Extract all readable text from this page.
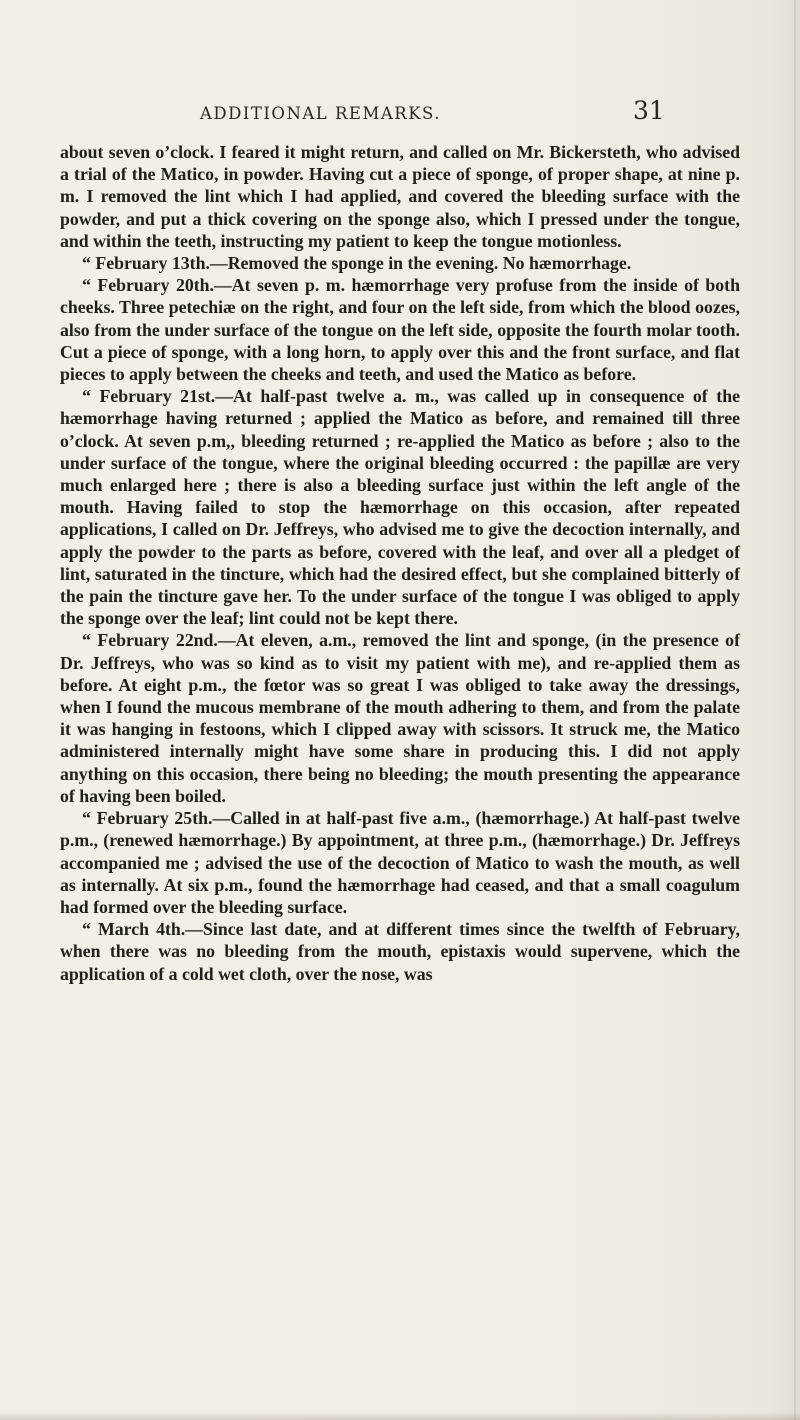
ADDITIONAL REMARKS.	31

about seven o’clock. I feared it might return, and called on Mr. Bickersteth, who advised a trial of the Matico, in powder. Having cut a piece of sponge, of proper shape, at nine p. m. I removed the lint which I had applied, and covered the bleeding surface with the powder, and put a thick covering on the sponge also, which I pressed under the tongue, and within the teeth, instructing my patient to keep the tongue motionless.

“ February 13th.—Removed the sponge in the evening. No hæmorrhage.

“ February 20th.—At seven p. m. hæmorrhage very profuse from the inside of both cheeks. Three petechiæ on the right, and four on the left side, from which the blood oozes, also from the under surface of the tongue on the left side, opposite the fourth molar tooth. Cut a piece of sponge, with a long horn, to apply over this and the front surface, and flat pieces to apply between the cheeks and teeth, and used the Matico as before.

“ February 21st.—At half-past twelve a. m., was called up in consequence of the hæmorrhage having returned ; applied the Matico as before, and remained till three o’clock. At seven p.m,, bleeding returned ; re-applied the Matico as before ; also to the under surface of the tongue, where the original bleeding occurred : the papillæ are very much enlarged here ; there is also a bleeding surface just within the left angle of the mouth. Having failed to stop the hæmorrhage on this occasion, after repeated applications, I called on Dr. Jeffreys, who advised me to give the decoction internally, and apply the powder to the parts as before, covered with the leaf, and over all a pledget of lint, saturated in the tincture, which had the desired effect, but she complained bitterly of the pain the tincture gave her. To the under surface of the tongue I was obliged to apply the sponge over the leaf; lint could not be kept there.

“ February 22nd.—At eleven, a.m., removed the lint and sponge, (in the presence of Dr. Jeffreys, who was so kind as to visit my patient with me), and re-applied them as before. At eight p.m., the fœtor was so great I was obliged to take away the dressings, when I found the mucous membrane of the mouth adhering to them, and from the palate it was hanging in festoons, which I clipped away with scissors. It struck me, the Matico administered internally might have some share in producing this. I did not apply anything on this occasion, there being no bleeding; the mouth presenting the appearance of having been boiled.

“ February 25th.—Called in at half-past five a.m., (hæmorrhage.) At half-past twelve p.m., (renewed hæmorrhage.) By appointment, at three p.m., (hæmorrhage.) Dr. Jeffreys accompanied me ; advised the use of the decoction of Matico to wash the mouth, as well as internally. At six p.m., found the hæmorrhage had ceased, and that a small coagulum had formed over the bleeding surface.

“ March 4th.—Since last date, and at different times since the twelfth of February, when there was no bleeding from the mouth, epistaxis would supervene, which the application of a cold wet cloth, over the nose, was
